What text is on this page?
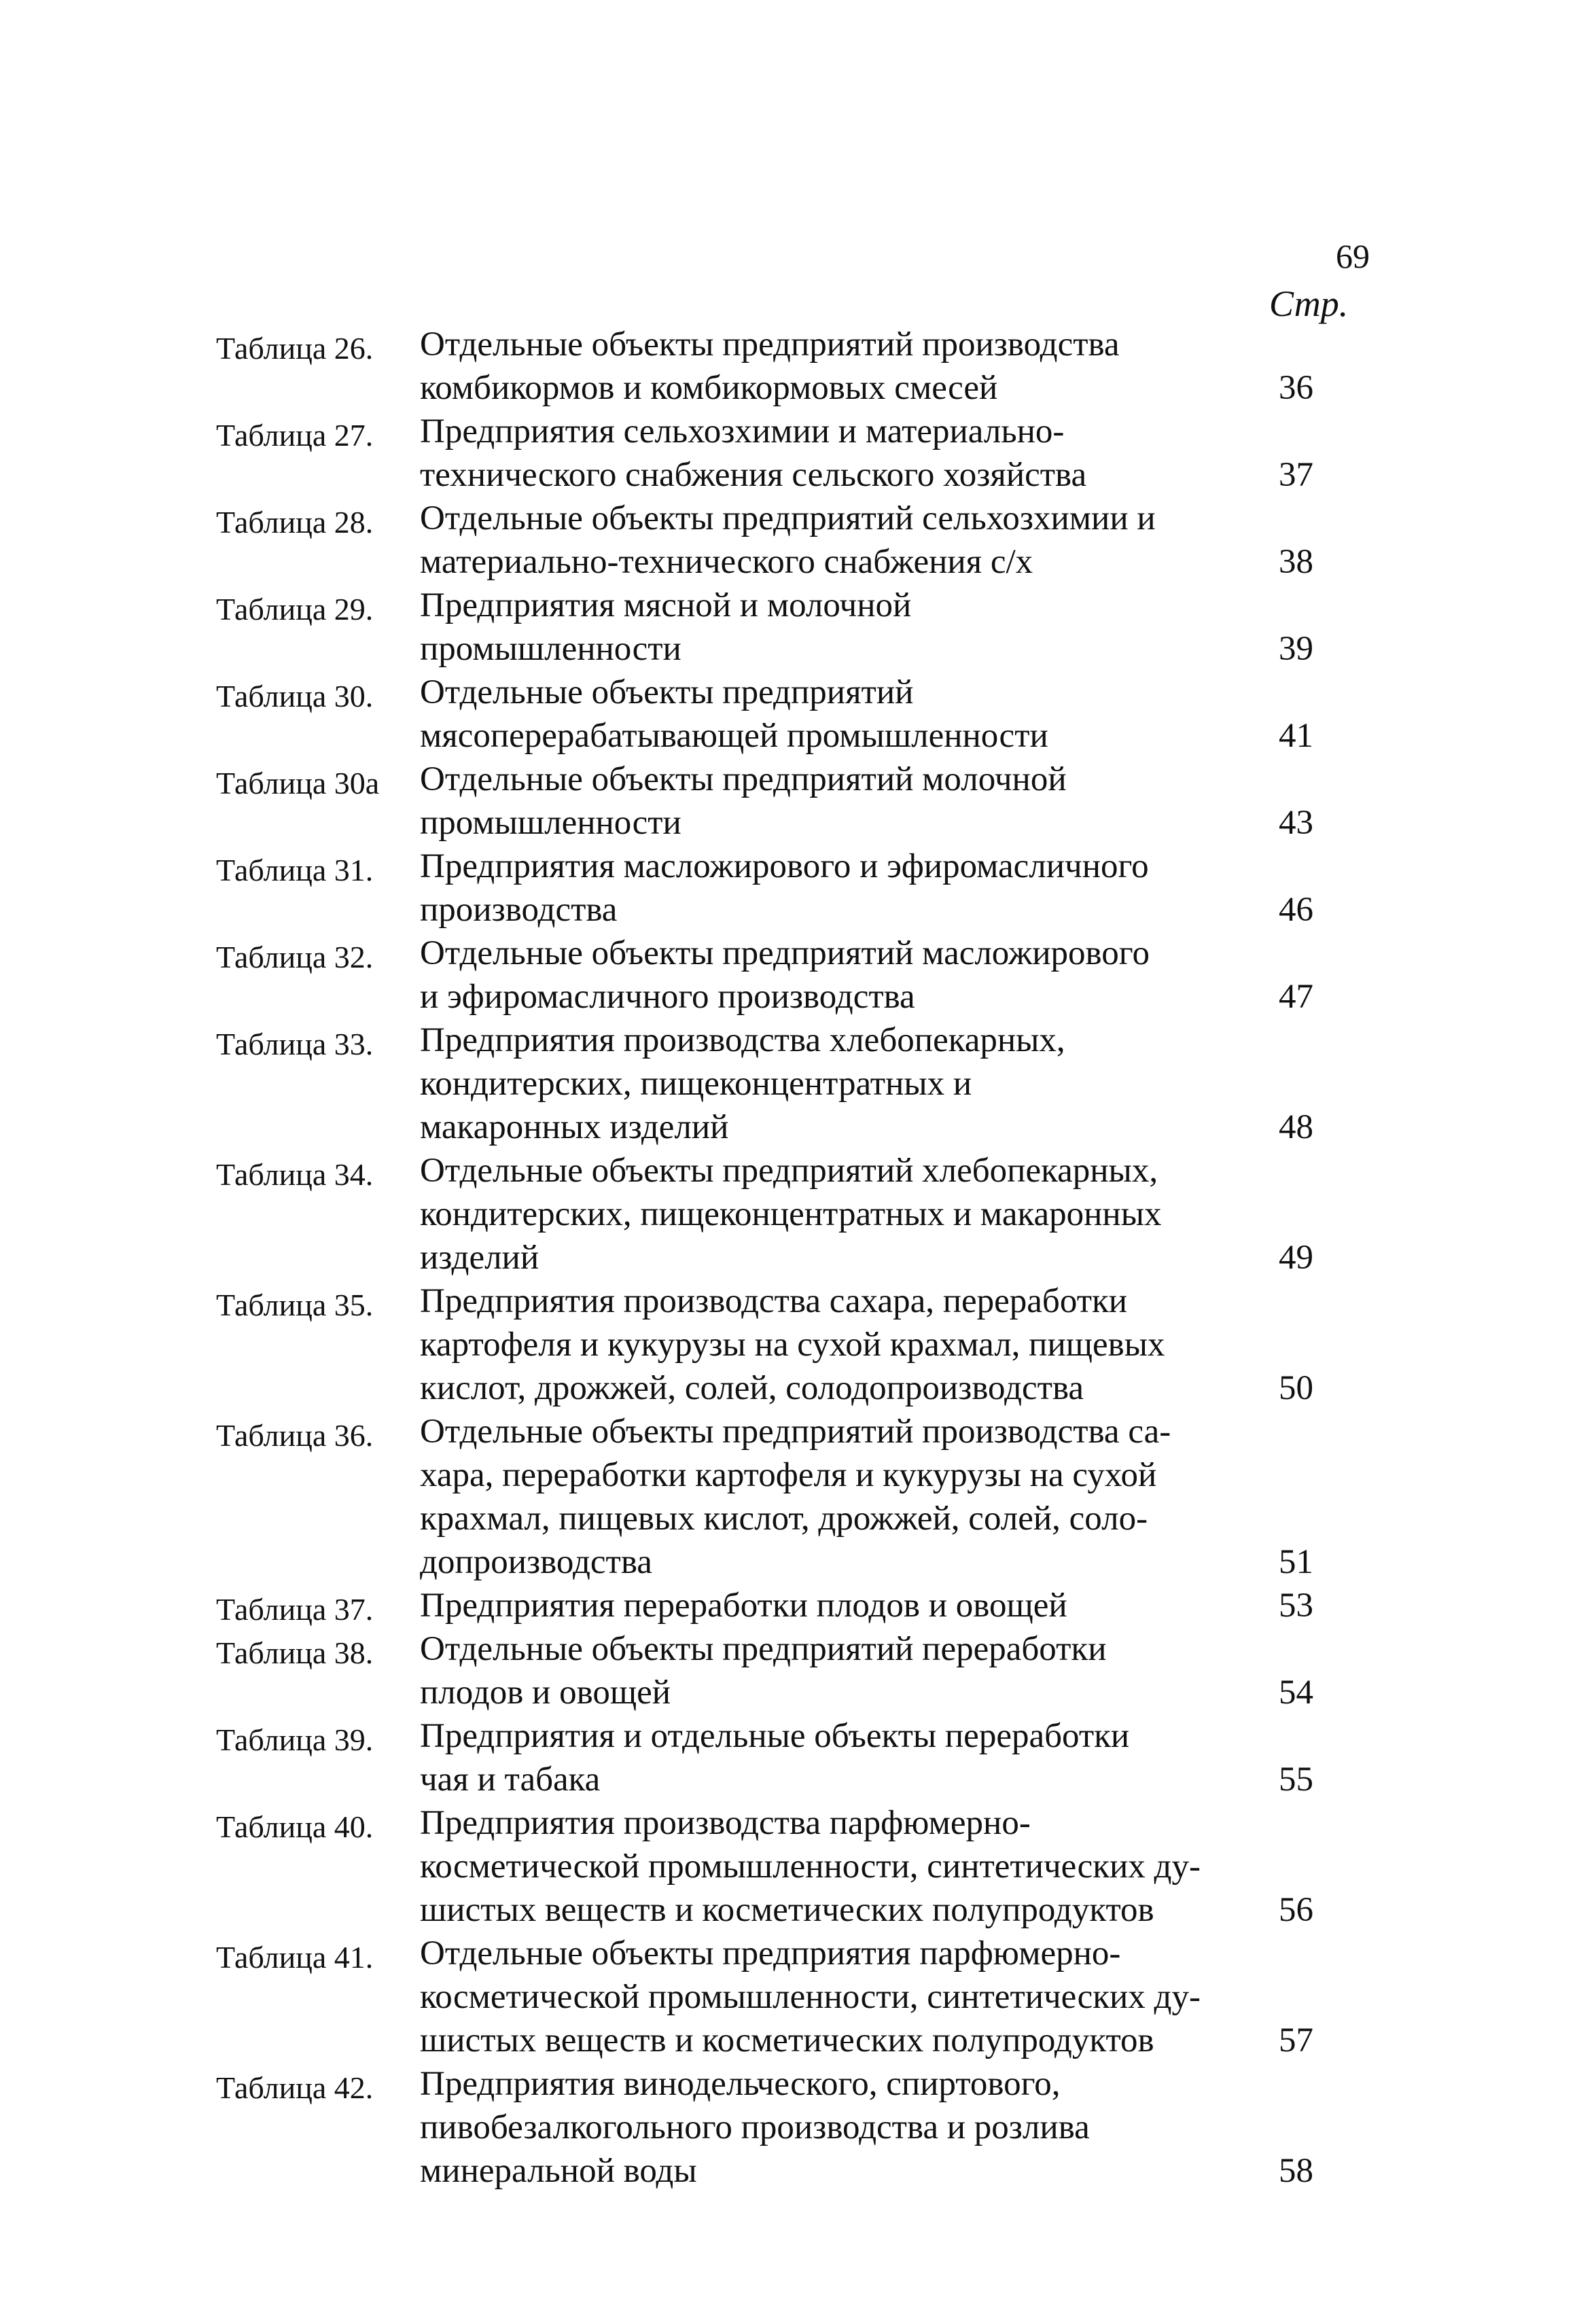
69
Стр.
Таблица 26.	Отдельные объекты предприятий производства
комбикормов и комбикормовых смесей	36
Таблица 27.	Предприятия сельхозхимии и материально-
технического снабжения сельского хозяйства	37
Таблица 28.	Отдельные объекты предприятий сельхозхимии и
материально-технического снабжения с/х	38
Таблица 29.	Предприятия мясной и молочной
промышленности	39
Таблица 30.	Отдельные объекты предприятий
мясоперерабатывающей промышленности	41
Таблица 30а	Отдельные объекты предприятий молочной
промышленности	43
Таблица 31.	Предприятия масложирового и эфиромасличного
производства	46
Таблица 32.	Отдельные объекты предприятий масложирового
и эфиромасличного производства	47
Таблица 33.	Предприятия производства хлебопекарных,
кондитерских, пищеконцентратных и
макаронных изделий	48
Таблица 34.	Отдельные объекты предприятий хлебопекарных,
кондитерских, пищеконцентратных и макаронных
изделий	49
Таблица 35.	Предприятия производства сахара, переработки
картофеля и кукурузы на сухой крахмал, пищевых
кислот, дрожжей, солей, солодопроизводства	50
Таблица 36.	Отдельные объекты предприятий производства са-
хара, переработки картофеля и кукурузы на сухой
крахмал, пищевых кислот, дрожжей, солей, солo-
допроизводства	51
Таблица 37.	Предприятия переработки плодов и овощей	53
Таблица 38.	Отдельные объекты предприятий переработки
плодов и овощей	54
Таблица 39.	Предприятия и отдельные объекты переработки
чая и табака	55
Таблица 40.	Предприятия производства парфюмерно-
косметической промышленности, синтетических ду-
шистых веществ и косметических полупродуктов	56
Таблица 41.	Отдельные объекты предприятия парфюмерно-
косметической промышленности, синтетических ду-
шистых веществ и косметических полупродуктов	57
Таблица 42.	Предприятия винодельческого, спиртового,
пивобезалкогольного производства и розлива
минеральной воды	58
